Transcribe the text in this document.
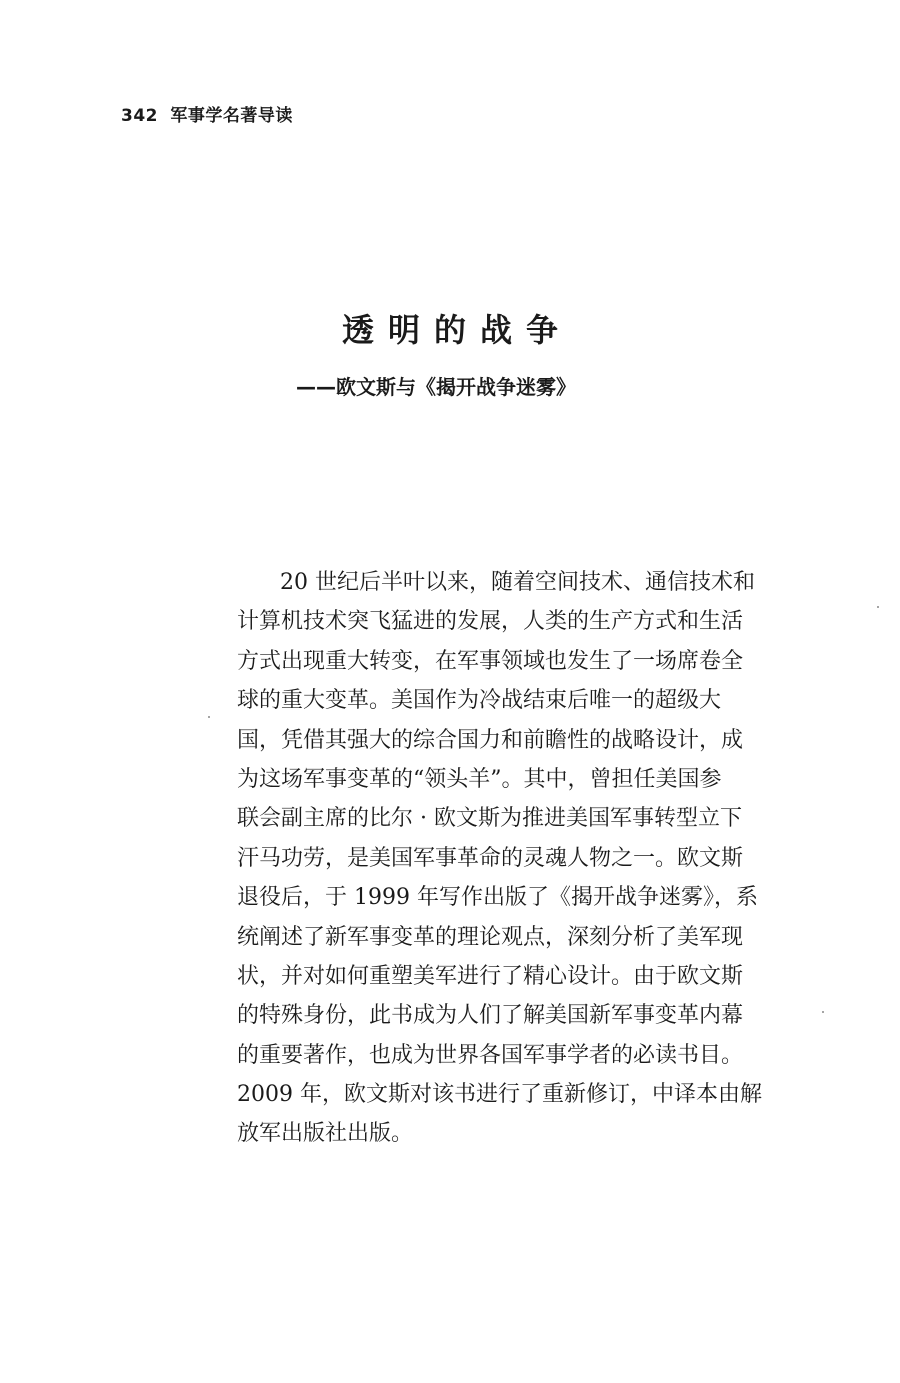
342 军事学名著导读
透明的战争
——欧文斯与《揭开战争迷雾》
20 世纪后半叶以来，随着空间技术、通信技术和
计算机技术突飞猛进的发展，人类的生产方式和生活
方式出现重大转变，在军事领域也发生了一场席卷全
球的重大变革。美国作为冷战结束后唯一的超级大
国，凭借其强大的综合国力和前瞻性的战略设计，成
为这场军事变革的“领头羊”。其中，曾担任美国参
联会副主席的比尔 · 欧文斯为推进美国军事转型立下
汗马功劳，是美国军事革命的灵魂人物之一。欧文斯
退役后，于 1999 年写作出版了《揭开战争迷雾》，系
统阐述了新军事变革的理论观点，深刻分析了美军现
状，并对如何重塑美军进行了精心设计。由于欧文斯
的特殊身份，此书成为人们了解美国新军事变革内幕
的重要著作，也成为世界各国军事学者的必读书目。
2009 年，欧文斯对该书进行了重新修订，中译本由解
放军出版社出版。
